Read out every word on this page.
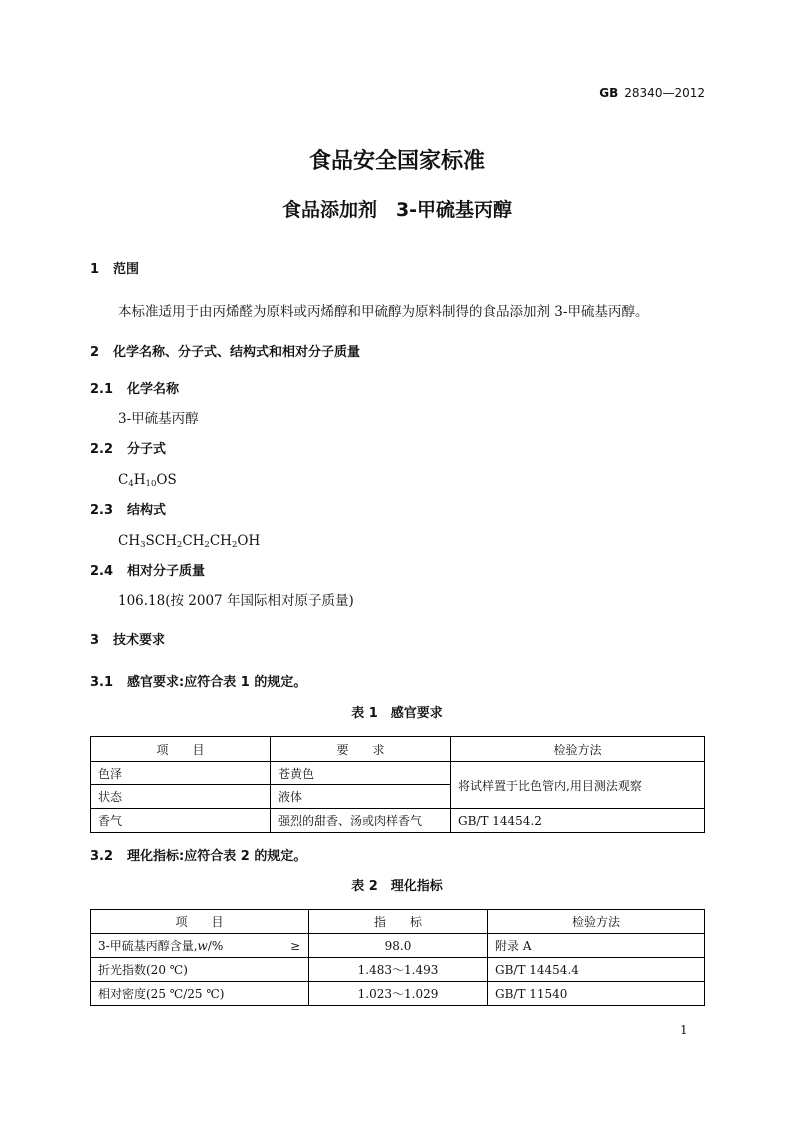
GB 28340—2012
食品安全国家标准
食品添加剂　3-甲硫基丙醇
1 范围
本标准适用于由丙烯醛为原料或丙烯醇和甲硫醇为原料制得的食品添加剂 3-甲硫基丙醇。
2 化学名称、分子式、结构式和相对分子质量
2.1 化学名称
3-甲硫基丙醇
2.2 分子式
$C_4H_{10}OS$
2.3 结构式
$CH_3SCH_2CH_2CH_2OH$
2.4 相对分子质量
106.18(按 2007 年国际相对原子质量)
3 技术要求
3.1 感官要求:应符合表 1 的规定。
表 1　感官要求
项　　目	要　　求	检验方法
色泽	苍黄色	将试样置于比色管内,用目测法观察
状态	液体	
香气	强烈的甜香、汤或肉样香气	GB/T 14454.2
3.2 理化指标:应符合表 2 的规定。
表 2　理化指标
项　　目	指　　标	检验方法

3-甲硫基丙醇含量,w/% ≥	98.0	附录 A
折光指数(20 ℃)	1.483～1.493	GB/T 14454.4
相对密度(25 ℃/25 ℃)	1.023～1.029	GB/T 11540
1
